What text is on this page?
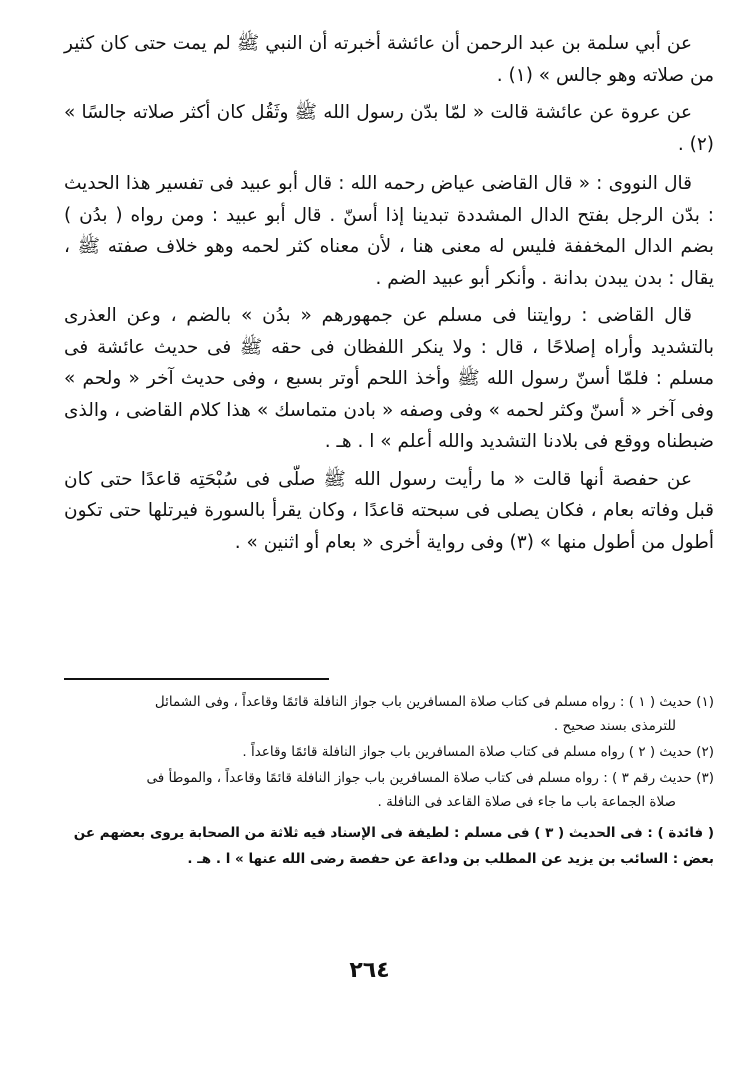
عن أبي سلمة بن عبد الرحمن أن عائشة أخبرته أن النبي ﷺ لم يمت حتى كان كثير من صلاته وهو جالس » (١) .

عن عروة عن عائشة قالت « لمّا بدّن رسول الله ﷺ وثَقُل كان أكثر صلاته جالسًا » (٢) .

قال النووى : « قال القاضى عياض رحمه الله : قال أبو عبيد فى تفسير هذا الحديث : بدّن الرجل بفتح الدال المشددة تبدينا إذا أسنّ . قال أبو عبيد : ومن رواه ( بدُن ) بضم الدال المخففة فليس له معنى هنا ، لأن معناه كثر لحمه وهو خلاف صفته ﷺ ، يقال : بدن يبدن بدانة . وأنكر أبو عبيد الضم .

قال القاضى : روايتنا فى مسلم عن جمهورهم « بدُن » بالضم ، وعن العذرى بالتشديد وأراه إصلاحًا ، قال : ولا ينكر اللفظان فى حقه ﷺ فى حديث عائشة فى مسلم : فلمّا أسنّ رسول الله ﷺ وأخذ اللحم أوتر بسبع ، وفى حديث آخر « ولحم » وفى آخر « أسنّ وكثر لحمه » وفى وصفه « بادن متماسك » هذا كلام القاضى ، والذى ضبطناه ووقع فى بلادنا التشديد والله أعلم » ا . هـ .

عن حفصة أنها قالت « ما رأيت رسول الله ﷺ صلّى فى سُبْحَتِه قاعدًا حتى كان قبل وفاته بعام ، فكان يصلى فى سبحته قاعدًا ، وكان يقرأ بالسورة فيرتلها حتى تكون أطول من أطول منها » (٣) وفى رواية أخرى « بعام أو اثنين » .

(١) حديث ( ١ ) : رواه مسلم فى كتاب صلاة المسافرين باب جواز النافلة قائمًا وقاعداً ، وفى الشمائل
للترمذى بسند صحيح .

(٢) حديث ( ٢ ) رواه مسلم فى كتاب صلاة المسافرين باب جواز النافلة قائمًا وقاعداً .

(٣) حديث رقم ٣ ) : رواه مسلم فى كتاب صلاة المسافرين باب جواز النافلة قائمًا وقاعداً ، والموطأ فى
صلاة الجماعة باب ما جاء فى صلاة القاعد فى النافلة .

( فائدة ) : فى الحديث ( ٣ ) فى مسلم : لطيفة فى الإسناد فيه ثلاثة من الصحابة يروى بعضهم عن بعض : السائب بن يزيد عن المطلب بن وداعة عن حفصة رضى الله عنها » ا . هـ .

٢٦٤
